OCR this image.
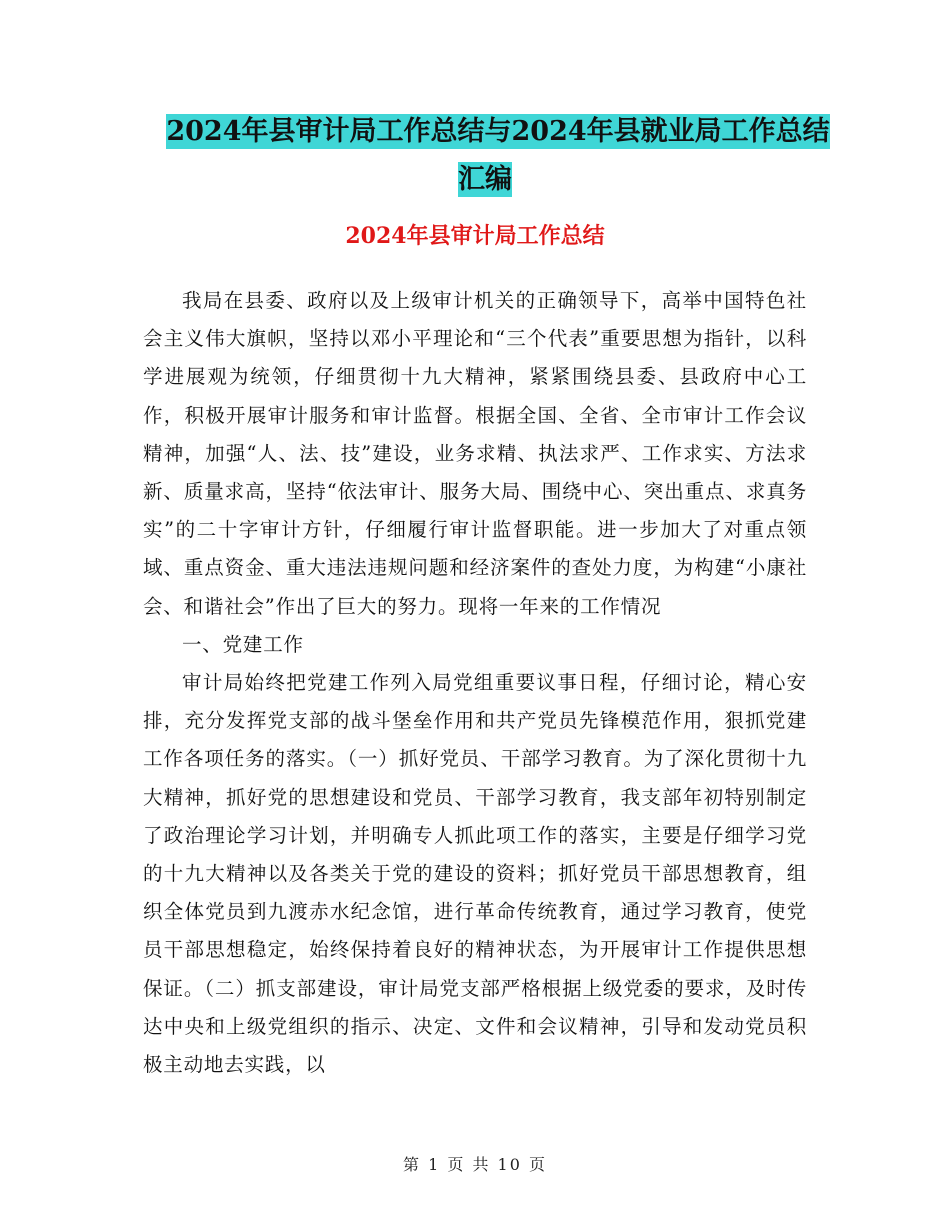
2024年县审计局工作总结与2024年县就业局工作总结
汇编
2024年县审计局工作总结

我局在县委、政府以及上级审计机关的正确领导下，高举中国特色社会主义伟大旗帜，坚持以邓小平理论和“三个代表”重要思想为指针，以科学进展观为统领，仔细贯彻十九大精神，紧紧围绕县委、县政府中心工作，积极开展审计服务和审计监督。根据全国、全省、全市审计工作会议精神，加强“人、法、技”建设，业务求精、执法求严、工作求实、方法求新、质量求高，坚持“依法审计、服务大局、围绕中心、突出重点、求真务实”的二十字审计方针，仔细履行审计监督职能。进一步加大了对重点领域、重点资金、重大违法违规问题和经济案件的查处力度，为构建“小康社会、和谐社会”作出了巨大的努力。现将一年来的工作情况

一、党建工作

审计局始终把党建工作列入局党组重要议事日程，仔细讨论，精心安排，充分发挥党支部的战斗堡垒作用和共产党员先锋模范作用，狠抓党建工作各项任务的落实。（一）抓好党员、干部学习教育。为了深化贯彻十九大精神，抓好党的思想建设和党员、干部学习教育，我支部年初特别制定了政治理论学习计划，并明确专人抓此项工作的落实，主要是仔细学习党的十九大精神以及各类关于党的建设的资料；抓好党员干部思想教育，组织全体党员到九渡赤水纪念馆，进行革命传统教育，通过学习教育，使党员干部思想稳定，始终保持着良好的精神状态，为开展审计工作提供思想保证。（二）抓支部建设，审计局党支部严格根据上级党委的要求，及时传达中央和上级党组织的指示、决定、文件和会议精神，引导和发动党员积极主动地去实践，以

第 1 页 共 10 页
